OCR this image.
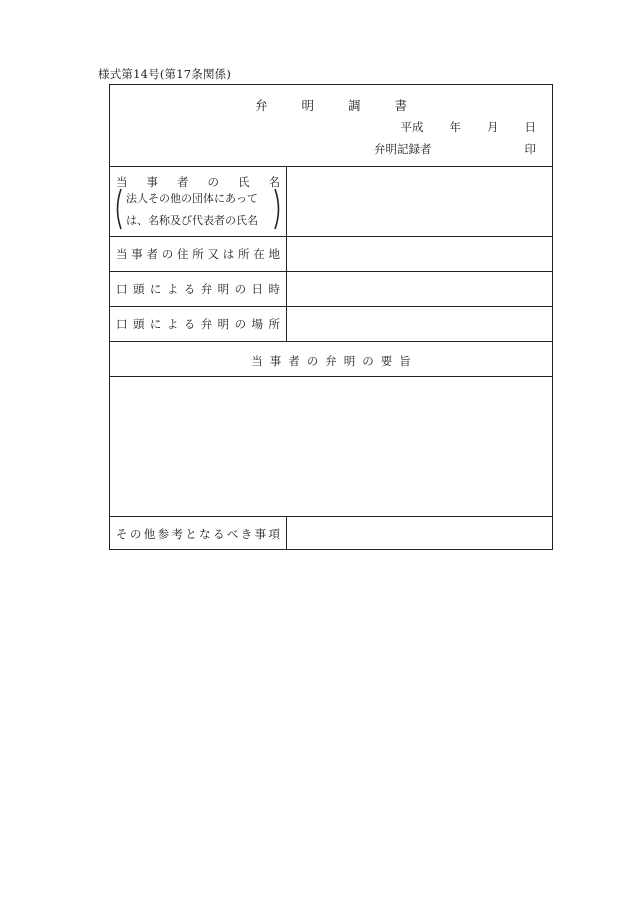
様式第14号(第17条関係)
弁明調書
平成 年 月 日
弁明記録者	印
当 事 者 の 氏 名
法人その他の団体にあって
は、名称及び代表者の氏名
当 事 者 の 住 所 又 は 所 在 地
口 頭 に よ る 弁 明 の 日 時
口 頭 に よ る 弁 明 の 場 所
当事者の弁明の要旨
そ の 他 参 考 と な る べ き 事 項
